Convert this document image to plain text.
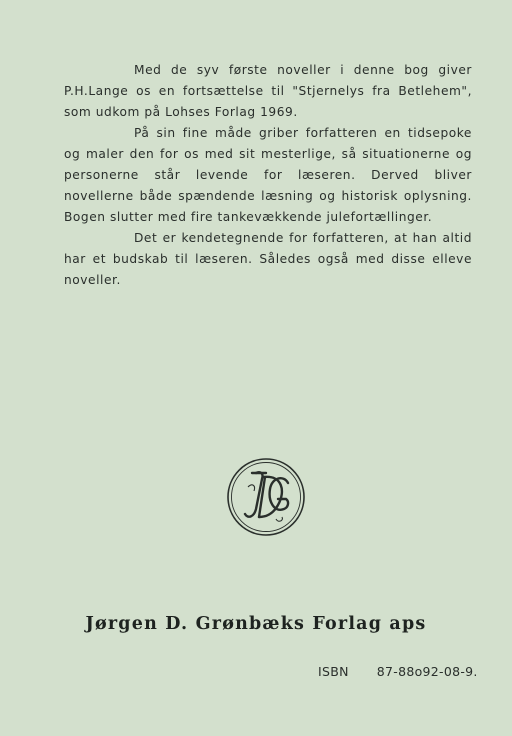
Med de syv første noveller i denne bog giver P.H.Lange os en fortsættelse til "Stjernelys fra Betlehem", som udkom på Lohses Forlag 1969.

På sin fine måde griber forfatteren en tidsepoke og maler den for os med sit mesterlige, så situationerne og personerne står levende for læseren. Derved bliver novellerne både spændende læsning og historisk oplysning. Bogen slutter med fire tankevækkende julefortællinger.

Det er kendetegnende for forfatteren, at han altid har et budskab til læseren. Således også med disse elleve noveller.

Jørgen D. Grønbæks Forlag aps
ISBN 87-88o92-08-9.
